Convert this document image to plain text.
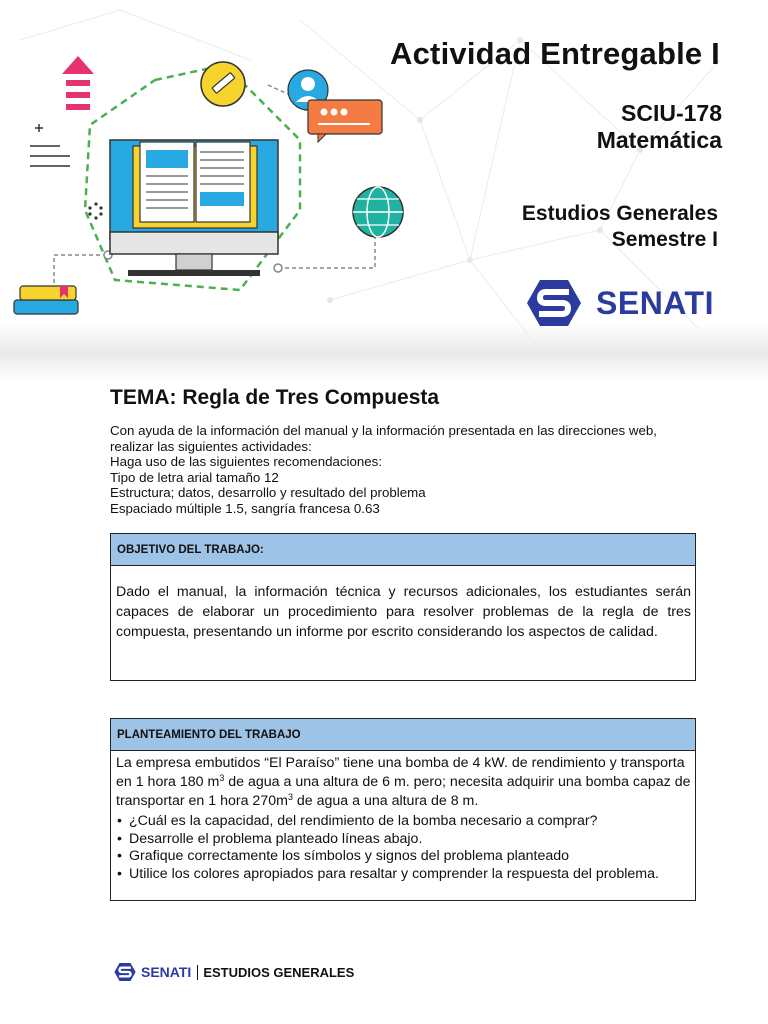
Actividad Entregable I
SCIU-178
Matemática
Estudios Generales
Semestre I
SENATI
TEMA: Regla de Tres Compuesta

Con ayuda de la información del manual y la información presentada en las direcciones web, realizar las siguientes actividades:

Haga uso de las siguientes recomendaciones:

Tipo de letra arial tamaño 12

Estructura; datos, desarrollo y resultado del problema

Espaciado múltiple 1.5, sangría francesa 0.63

OBJETIVO DEL TRABAJO:
Dado el manual, la información técnica y recursos adicionales, los estudiantes serán capaces de elaborar un procedimiento para resolver problemas de la regla de tres compuesta, presentando un informe por escrito considerando los aspectos de calidad.
PLANTEAMIENTO DEL TRABAJO
La empresa embutidos “El Paraíso” tiene una bomba de 4 kW. de rendimiento y transporta en 1 hora 180 $m^3$ de agua a una altura de 6 m. pero; necesita adquirir una bomba capaz de transportar en 1 hora $270m^3$ de agua a una altura de 8 m.
• ¿Cuál es la capacidad, del rendimiento de la bomba necesario a comprar?
• Desarrolle el problema planteado líneas abajo.
• Grafique correctamente los símbolos y signos del problema planteado
• Utilice los colores apropiados para resaltar y comprender la respuesta del problema.
SENATI ESTUDIOS GENERALES
